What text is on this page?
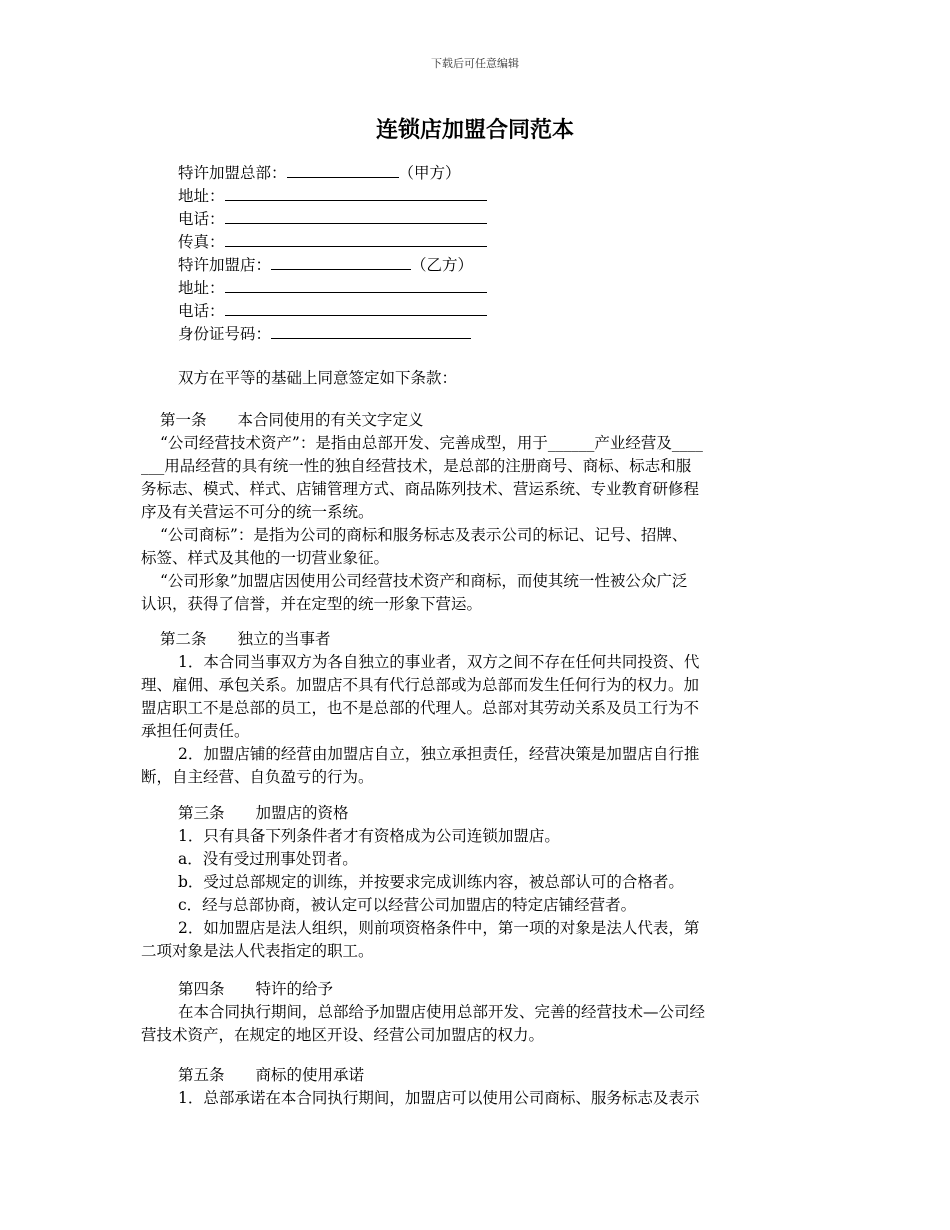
下载后可任意编辑
连锁店加盟合同范本
特许加盟总部：	（甲方）
地址：
电话：
传真：
特许加盟店：	（乙方）
地址：
电话：
身份证号码：
双方在平等的基础上同意签定如下条款：
第一条　　本合同使用的有关文字定义
“公司经营技术资产”：是指由总部开发、完善成型，用于______产业经营及____
___用品经营的具有统一性的独自经营技术，是总部的注册商号、商标、标志和服
务标志、模式、样式、店铺管理方式、商品陈列技术、营运系统、专业教育研修程
序及有关营运不可分的统一系统。
“公司商标”：是指为公司的商标和服务标志及表示公司的标记、记号、招牌、
标签、样式及其他的一切营业象征。
“公司形象”加盟店因使用公司经营技术资产和商标，而使其统一性被公众广泛
认识，获得了信誉，并在定型的统一形象下营运。
第二条　　独立的当事者
1．本合同当事双方为各自独立的事业者，双方之间不存在任何共同投资、代
理、雇佣、承包关系。加盟店不具有代行总部或为总部而发生任何行为的权力。加
盟店职工不是总部的员工，也不是总部的代理人。总部对其劳动关系及员工行为不
承担任何责任。
2．加盟店铺的经营由加盟店自立，独立承担责任，经营决策是加盟店自行推
断，自主经营、自负盈亏的行为。
第三条　　加盟店的资格
1．只有具备下列条件者才有资格成为公司连锁加盟店。
a．没有受过刑事处罚者。
b．受过总部规定的训练，并按要求完成训练内容，被总部认可的合格者。
c．经与总部协商，被认定可以经营公司加盟店的特定店铺经营者。
2．如加盟店是法人组织，则前项资格条件中，第一项的对象是法人代表，第
二项对象是法人代表指定的职工。
第四条　　特许的给予
在本合同执行期间，总部给予加盟店使用总部开发、完善的经营技术—公司经
营技术资产，在规定的地区开设、经营公司加盟店的权力。
第五条　　商标的使用承诺
1．总部承诺在本合同执行期间，加盟店可以使用公司商标、服务标志及表示
